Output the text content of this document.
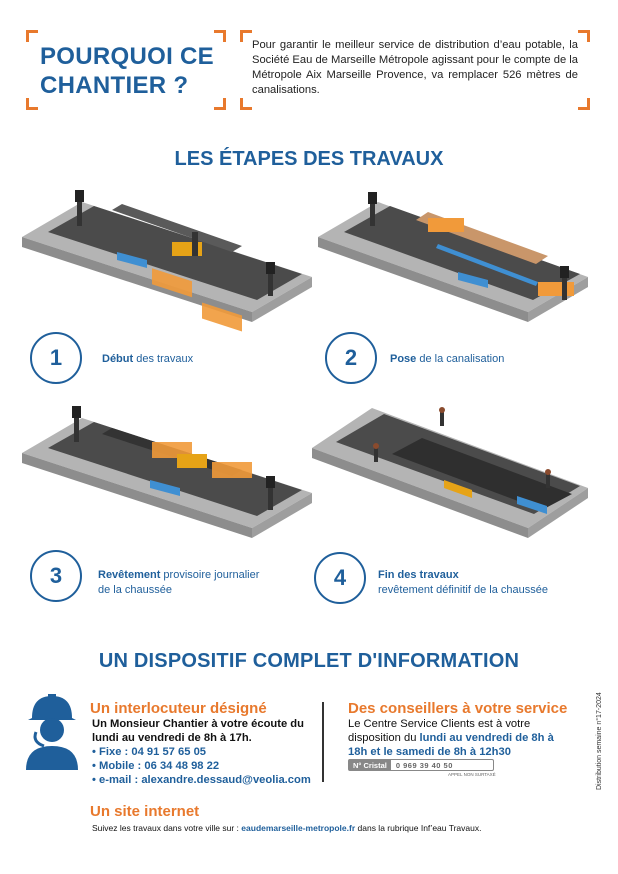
POURQUOI CE
CHANTIER ?

Pour garantir le meilleur service de distribution d’eau potable, la Société Eau de Marseille Métropole agissant pour le compte de la Métropole Aix Marseille Provence, va remplacer 526 mètres de canalisations.

LES ÉTAPES DES TRAVAUX
1	Début des travaux	2	Pose de la canalisation
3	Revêtement provisoire journalier
de la chaussée	4	Fin des travaux
revêtement définitif de la chaussée
UN DISPOSITIF COMPLET D'INFORMATION
Un interlocuteur désigné
Un Monsieur Chantier à votre écoute du
lundi au vendredi de 8h à 17h.
• Fixe : 04 91 57 65 05
• Mobile : 06 34 48 98 22
• e-mail : alexandre.dessaud@veolia.com
Des conseillers à votre service
Le Centre Service Clients est à votre
disposition du lundi au vendredi de 8h à
18h et le samedi de 8h à 12h30
N° Cristal	0 969 39 40 50
APPEL NON SURTAXÉ
Un site internet
Suivez les travaux dans votre ville sur : eaudemarseille-metropole.fr dans la rubrique Inf’eau Travaux.
Distribution semaine n°17-2024
